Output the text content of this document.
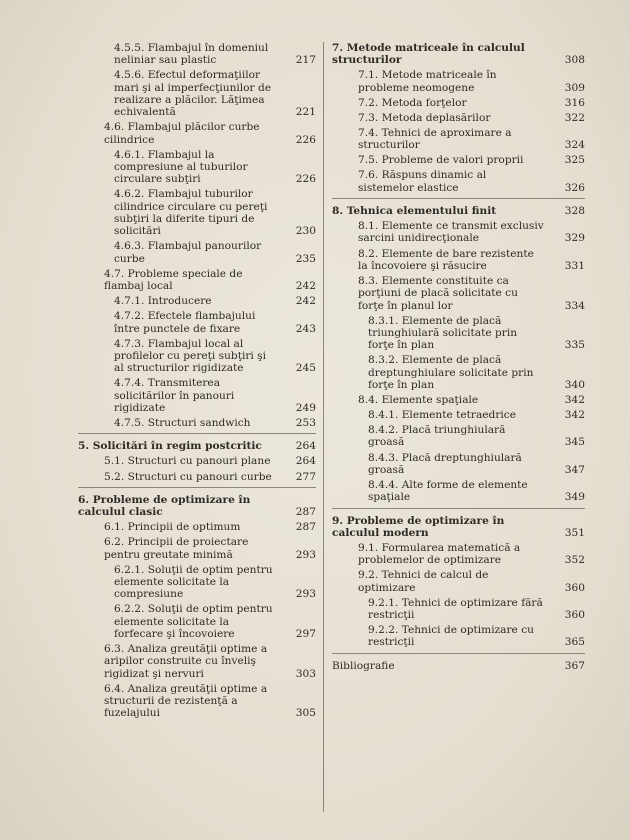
4.5.5. Flambajul în domeniul neliniar sau plastic	217
4.5.6. Efectul deformaţiilor mari şi al imperfecţiunilor de realizare a plăcilor. Lăţimea echivalentă	221
4.6. Flambajul plăcilor curbe cilindrice	226
4.6.1. Flambajul la compresiune al tuburilor circulare subţiri	226
4.6.2. Flambajul tuburilor cilindrice circulare cu pereţi subţiri la diferite tipuri de solicitări	230
4.6.3. Flambajul panourilor curbe	235
4.7. Probleme speciale de flambaj local	242
4.7.1. Introducere	242
4.7.2. Efectele flambajului între punctele de fixare	243
4.7.3. Flambajul local al profilelor cu pereţi subţiri şi al structurilor rigidizate	245
4.7.4. Transmiterea solicitărilor în panouri rigidizate	249
4.7.5. Structuri sandwich	253
5. Solicitări în regim postcritic	264
5.1. Structuri cu panouri plane	264
5.2. Structuri cu panouri curbe	277
6. Probleme de optimizare în calculul clasic	287
6.1. Principii de optimum	287
6.2. Principii de proiectare pentru greutate minimă	293
6.2.1. Soluţii de optim pentru elemente solicitate la compresiune	293
6.2.2. Soluţii de optim pentru elemente solicitate la forfecare şi încovoiere	297
6.3. Analiza greutăţii optime a aripilor construite cu înveliş rigidizat şi nervuri	303
6.4. Analiza greutăţii optime a structurii de rezistenţă a fuzelajului	305
7. Metode matriceale în calculul structurilor	308
7.1. Metode matriceale în probleme neomogene	309
7.2. Metoda forţelor	316
7.3. Metoda deplasărilor	322
7.4. Tehnici de aproximare a structurilor	324
7.5. Probleme de valori proprii	325
7.6. Răspuns dinamic al sistemelor elastice	326
8. Tehnica elementului finit	328
8.1. Elemente ce transmit exclusiv sarcini unidirecţionale	329
8.2. Elemente de bare rezistente la încovoiere şi răsucire	331
8.3. Elemente constituite ca porţiuni de placă solicitate cu forţe în planul lor	334
8.3.1. Elemente de placă triunghiulară solicitate prin forţe în plan	335
8.3.2. Elemente de placă dreptunghiulare solicitate prin forţe în plan	340
8.4. Elemente spaţiale	342
8.4.1. Elemente tetraedrice	342
8.4.2. Placă triunghiulară groasă	345
8.4.3. Placă dreptunghiulară groasă	347
8.4.4. Alte forme de elemente spaţiale	349
9. Probleme de optimizare în calculul modern	351
9.1. Formularea matematică a problemelor de optimizare	352
9.2. Tehnici de calcul de optimizare	360
9.2.1. Tehnici de optimizare fără restricţii	360
9.2.2. Tehnici de optimizare cu restricţii	365
Bibliografie	367
